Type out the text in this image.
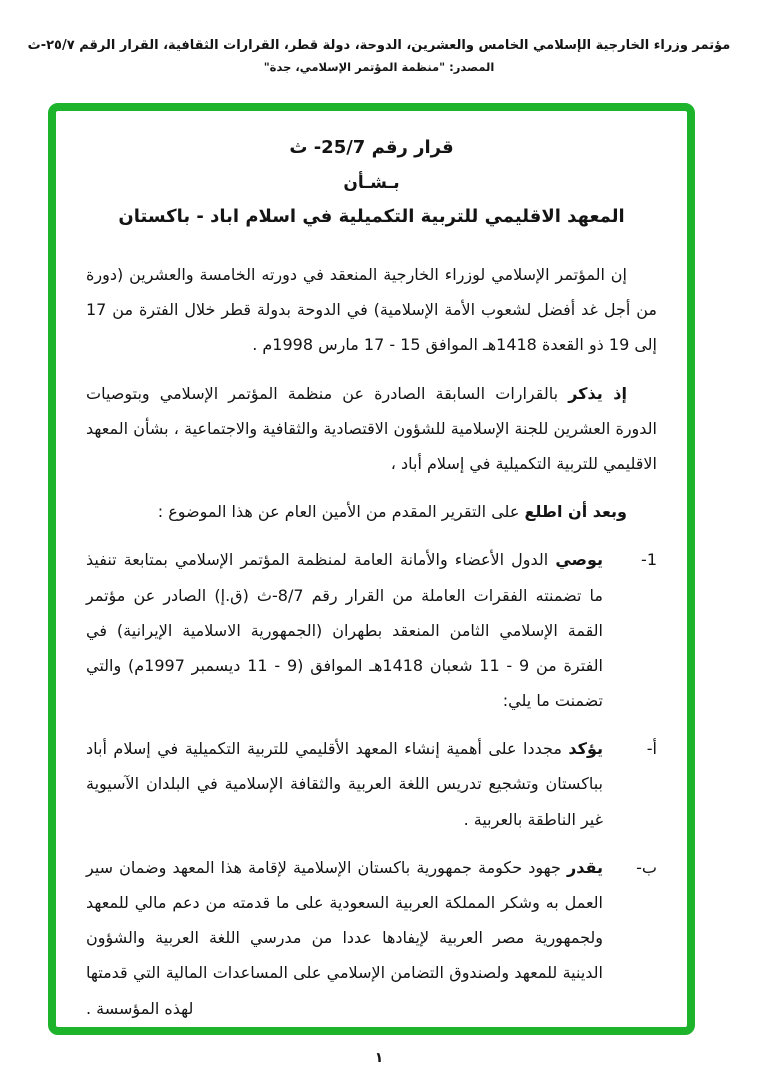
مؤتمر وزراء الخارجية الإسلامي الخامس والعشرين، الدوحة، دولة قطر، القرارات الثقافية، القرار الرقم ٢٥/٧-ث
المصدر: "منظمة المؤتمر الإسلامي، جدة"
قرار رقم 25/7- ث
بـشـأن
المعهد الاقليمي للتربية التكميلية في اسلام اباد - باكستان

إن المؤتمر الإسلامي لوزراء الخارجية المنعقد في دورته الخامسة والعشرين (دورة من أجل غد أفضل لشعوب الأمة الإسلامية) في الدوحة بدولة قطر خلال الفترة من 17 إلى 19 ذو القعدة 1418هـ الموافق 15 - 17 مارس 1998م .

إذ يذكر بالقرارات السابقة الصادرة عن منظمة المؤتمر الإسلامي وبتوصيات الدورة العشرين للجنة الإسلامية للشؤون الاقتصادية والثقافية والاجتماعية ، بشأن المعهد الاقليمي للتربية التكميلية في إسلام أباد ،

وبعد أن اطلع على التقرير المقدم من الأمين العام عن هذا الموضوع :

1-

يوصي الدول الأعضاء والأمانة العامة لمنظمة المؤتمر الإسلامي بمتابعة تنفيذ ما تضمنته الفقرات العاملة من القرار رقم 8/7-ث (ق.إ) الصادر عن مؤتمر القمة الإسلامي الثامن المنعقد بطهران (الجمهورية الاسلامية الإيرانية) في الفترة من 9 - 11 شعبان 1418هـ الموافق (9 - 11 ديسمبر 1997م) والتي تضمنت ما يلي:

أ-

يؤكد مجددا على أهمية إنشاء المعهد الأقليمي للتربية التكميلية في إسلام أباد بباكستان وتشجيع تدريس اللغة العربية والثقافة الإسلامية في البلدان الآسيوية غير الناطقة بالعربية .

ب-

يقدر جهود حكومة جمهورية باكستان الإسلامية لإقامة هذا المعهد وضمان سير العمل به وشكر المملكة العربية السعودية على ما قدمته من دعم مالي للمعهد ولجمهورية مصر العربية لإيفادها عددا من مدرسي اللغة العربية والشؤون الدينية للمعهد ولصندوق التضامن الإسلامي على المساعدات المالية التي قدمتها لهذه المؤسسة .

١
